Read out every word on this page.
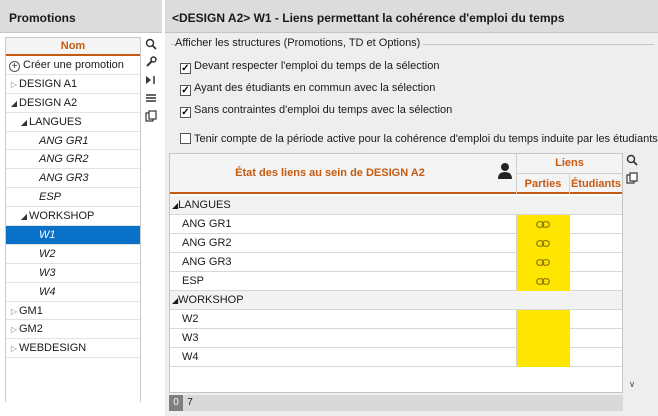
Promotions
Nom
+ Créer une promotion
▷ DESIGN A1
◢ DESIGN A2
◢ LANGUES
ANG GR1
ANG GR2
ANG GR3
ESP
◢ WORKSHOP
W1
W2
W3
W4
▷ GM1
▷ GM2
▷ WEBDESIGN
<DESIGN A2> W1 - Liens permettant la cohérence d'emploi du temps
Afficher les structures (Promotions, TD et Options)
✓ Devant respecter l'emploi du temps de la sélection
✓ Ayant des étudiants en commun avec la sélection
✓ Sans contraintes d'emploi du temps avec la sélection
Tenir compte de la période active pour la cohérence d'emploi du temps induite par les étudiants
État des liens au sein de DESIGN A2
Liens
Parties Étudiants
◢LANGUES
ANG GR1
ANG GR2
ANG GR3
ESP
◢WORKSHOP
W2
W3
W4
∨
0 7
